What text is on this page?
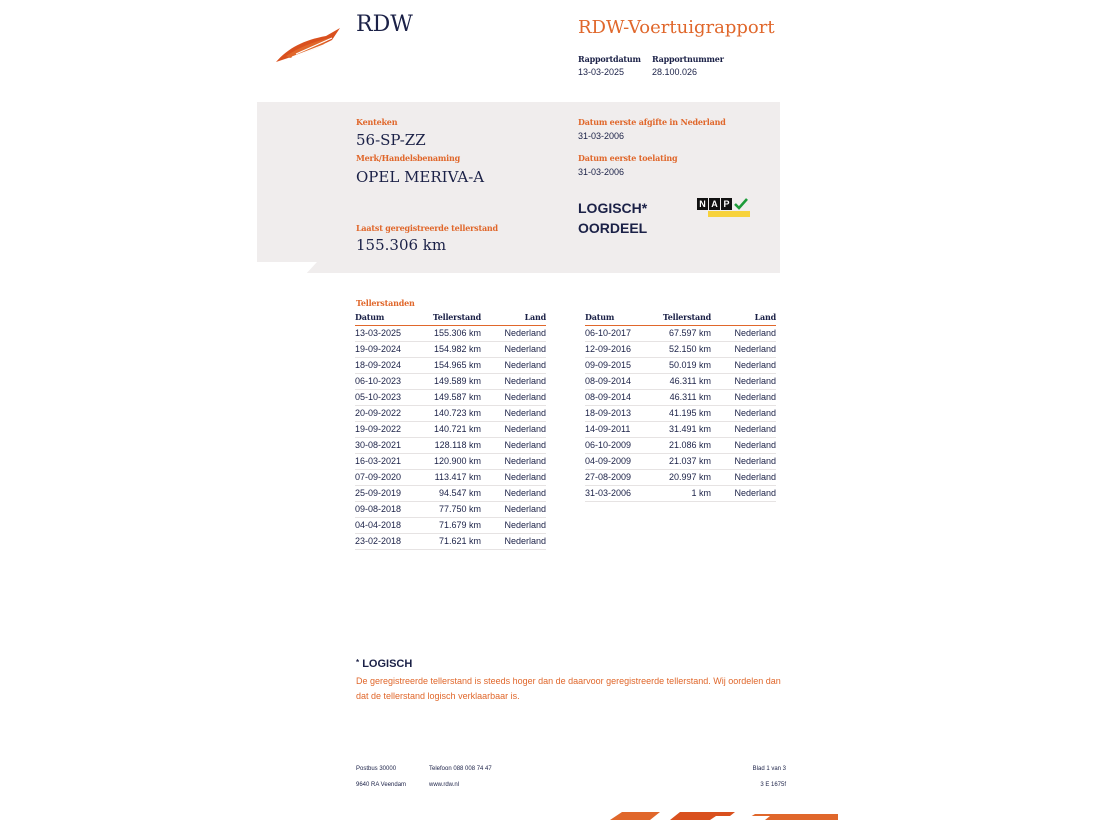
RDW	RDW-Voertuigrapport
Rapportdatum
13-03-2025
Rapportnummer
28.100.026
Kenteken
56-SP-ZZ
Merk/Handelsbenaming
OPEL MERIVA-A
Laatst geregistreerde tellerstand
155.306 km
Datum eerste afgifte in Nederland
31-03-2006
Datum eerste toelating
31-03-2006
LOGISCH*
OORDEEL
N A P
Tellerstanden
Datum	Tellerstand	Land
13-03-2025	155.306 km	Nederland
19-09-2024	154.982 km	Nederland
18-09-2024	154.965 km	Nederland
06-10-2023	149.589 km	Nederland
05-10-2023	149.587 km	Nederland
20-09-2022	140.723 km	Nederland
19-09-2022	140.721 km	Nederland
30-08-2021	128.118 km	Nederland
16-03-2021	120.900 km	Nederland
07-09-2020	113.417 km	Nederland
25-09-2019	94.547 km	Nederland
09-08-2018	77.750 km	Nederland
04-04-2018	71.679 km	Nederland
23-02-2018	71.621 km	Nederland
Datum	Tellerstand	Land
06-10-2017	67.597 km	Nederland
12-09-2016	52.150 km	Nederland
09-09-2015	50.019 km	Nederland
08-09-2014	46.311 km	Nederland
08-09-2014	46.311 km	Nederland
18-09-2013	41.195 km	Nederland
14-09-2011	31.491 km	Nederland
06-10-2009	21.086 km	Nederland
04-09-2009	21.037 km	Nederland
27-08-2009	20.997 km	Nederland
31-03-2006	1 km	Nederland
* LOGISCH
De geregistreerde tellerstand is steeds hoger dan de daarvoor geregistreerde tellerstand. Wij oordelen dan
dat de tellerstand logisch verklaarbaar is.
Postbus 30000
9640 RA Veendam
Telefoon 088 008 74 47
www.rdw.nl
Blad 1 van 3
3 E 1675f
